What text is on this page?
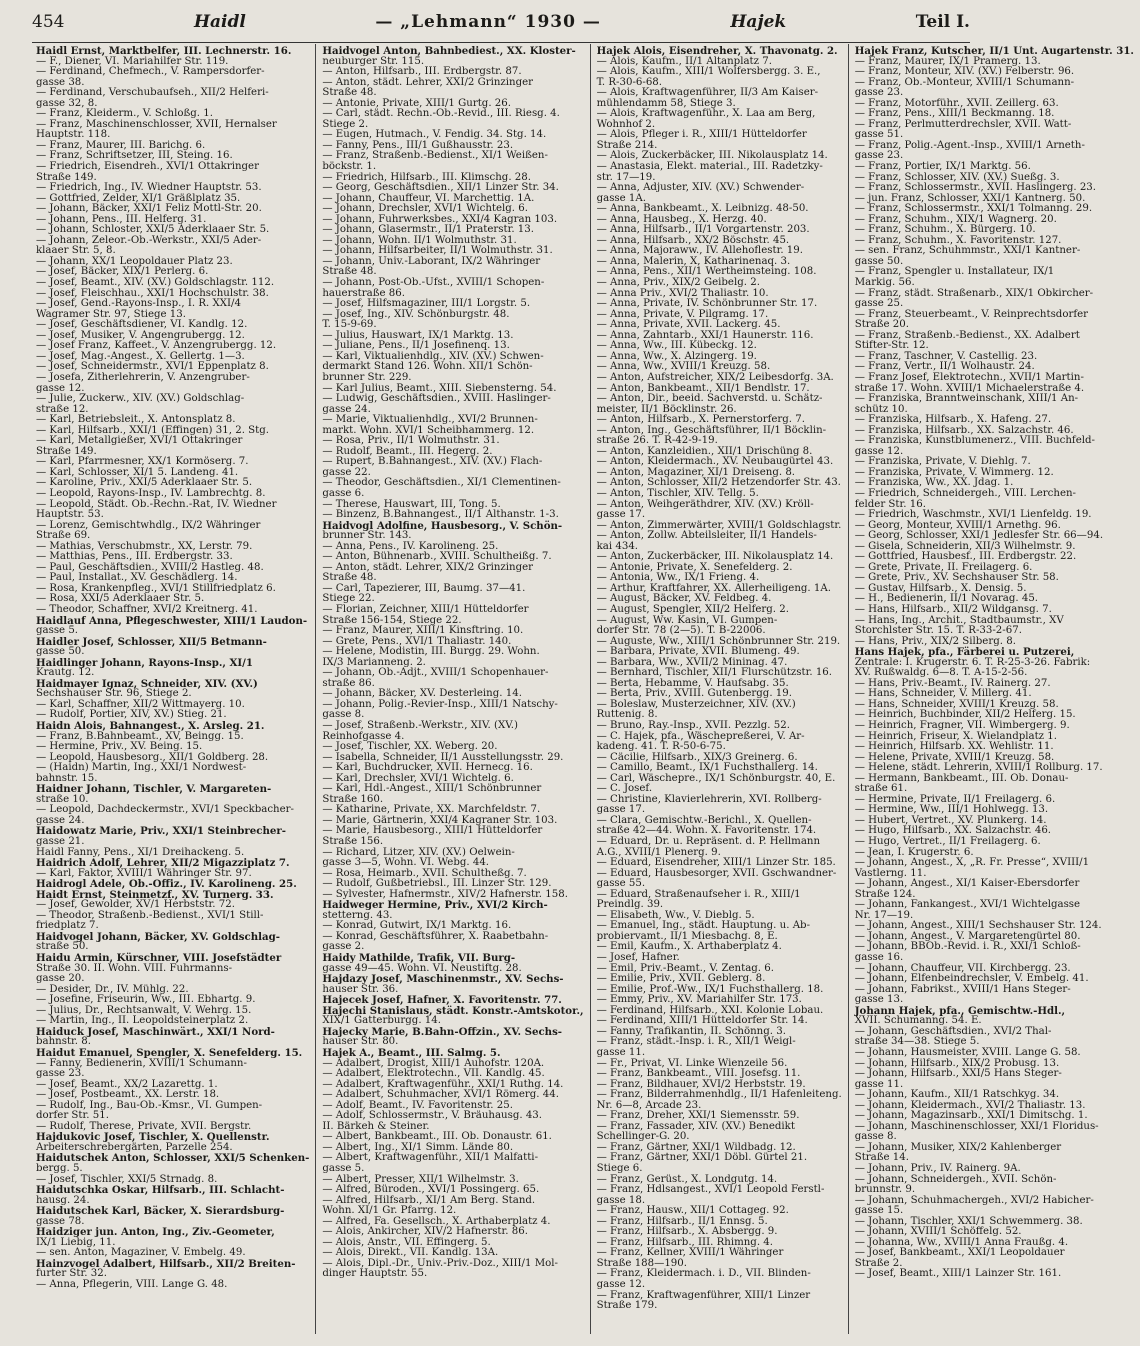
454	Haidl	— „Lehmann“ 1930 —	Hajek	Teil I.
Haidl Ernst, Marktbelfer, III. Lechnerstr. 16.
— F., Diener, VI. Mariahilfer Str. 119.
— Ferdinand, Chefmech., V. Rampersdorfer-
gasse 38.
— Ferdinand, Verschubaufseh., XII/2 Helferi-
gasse 32, 8.
— Franz, Kleiderm., V. Schloßg. 1.
— Franz, Maschinenschlosser, XVII, Hernalser
Hauptstr. 118.
— Franz, Maurer, III. Barichg. 6.
— Franz, Schriftsetzer, III, Steing. 16.
— Friedrich, Eisendreh., XVI/1 Ottakringer
Straße 149.
— Friedrich, Ing., IV. Wiedner Hauptstr. 53.
— Gottfried, Zelder, XI/1 Gräßlplatz 35.
— Johann, Bäcker, XXI/1 Feliz Mottl-Str. 20.
— Johann, Pens., III. Helferg. 31.
— Johann, Schloster, XXI/5 Aderklaaer Str. 5.
— Johann, Zeleor.-Ob.-Werkstr., XXI/5 Ader-
klaaer Str. 5, 8.
— Johann, XX/1 Leopoldauer Platz 23.
— Josef, Bäcker, XIX/1 Perlerg. 6.
— Josef, Beamt., XIV. (XV.) Goldschlagstr. 112.
— Josef, Fleischhau., XXI/1 Hochschulstr. 38.
— Josef, Gend.-Rayons-Insp., I. R. XXI/4
Wagramer Str. 97, Stiege 13.
— Josef, Geschäftsdiener, VI. Kandlg. 12.
— Josef, Musiker, V. Angengrubergg. 12.
— Josef Franz, Kaffeet., V. Anzengrubergg. 12.
— Josef, Mag.-Angest., X. Gellertg. 1—3.
— Josef, Schneidermstr., XVI/1 Eppenplatz 8.
— Josefa, Zitherlehrerin, V. Anzengruber-
gasse 12.
— Julie, Zuckerw., XIV. (XV.) Goldschlag-
straße 12.
— Karl, Betriebsleit., X. Antonsplatz 8.
— Karl, Hilfsarb., XXI/1 (Effingen) 31, 2. Stg.
— Karl, Metallgießer, XVI/1 Ottakringer
Straße 149.
— Karl, Pfarrmesner, XX/1 Kormöserg. 7.
— Karl, Schlosser, XI/1 5. Landeng. 41.
— Karoline, Priv., XXI/5 Aderklaaer Str. 5.
— Leopold, Rayons-Insp., IV. Lambrechtg. 8.
— Leopold, Städt. Ob.-Rechn.-Rat, IV. Wiedner
Hauptstr. 53.
— Lorenz, Gemischtwhdlg., IX/2 Währinger
Straße 69.
— Mathias, Verschubmstr., XX, Lerstr. 79.
— Matthias, Pens., III. Erdbergstr. 33.
— Paul, Geschäftsdien., XVIII/2 Hastleg. 48.
— Paul, Installat., XV. Geschädlerg. 14.
— Rosa, Krankenpfleg., XVI/1 Stillfriedplatz 6.
— Rosa, XXI/5 Aderklaaer Str. 5.
— Theodor, Schaffner, XVI/2 Kreitnerg. 41.
Haidlauf Anna, Pflegeschwester, XIII/1 Laudon-
gasse 5.
Haidler Josef, Schlosser, XII/5 Betmann-
gasse 50.
Haidlinger Johann, Rayons-Insp., XI/1
Krautg. 12.
Haidmayer Ignaz, Schneider, XIV. (XV.)
Sechshauser Str. 96, Stiege 2.
— Karl, Schaffner, XII/2 Wittmayerg. 10.
— Rudolf, Portier, XIV, XV.) Stieg. 21.
Haidn Alois, Bahnangest., X. Arsleg. 21.
— Franz, B.Bahnbeamt., XV, Beingg. 15.
— Hermine, Priv., XV. Being. 15.
— Leopold, Hausbesorg., XII/1 Goldberg. 28.
— (Haidn) Martin, Ing., XXI/1 Nordwest-
bahnstr. 15.
Haidner Johann, Tischler, V. Margareten-
straße 10.
— Leopold, Dachdeckermstr., XVI/1 Speckbacher-
gasse 24.
Haidowatz Marie, Priv., XXI/1 Steinbrecher-
gasse 21.
Haidl Fanny, Pens., XI/1 Dreihackeng. 5.
Haidrich Adolf, Lehrer, XII/2 Migazziplatz 7.
— Karl, Faktor, XVIII/1 Währinger Str. 97.
Haidrogl Adele, Ob.-Offiz., IV. Karolineng. 25.
Haidt Ernst, Steinmetzf., XV. Turnerg. 33.
— Josef, Gewolder, XV/1 Herbststr. 72.
— Theodor, Straßenb.-Bedienst., XVI/1 Still-
friedplatz 7.
Haidvogel Johann, Bäcker, XV. Goldschlag-
straße 50.
Haidu Armin, Kürschner, VIII. Josefstädter
Straße 30. II. Wohn. VIII. Fuhrmanns-
gasse 20.
— Desider, Dr., IV. Mühlg. 22.
— Josefine, Friseurin, Ww., III. Ebhartg. 9.
— Julius, Dr., Rechtsanwalt, V. Wehrg. 15.
— Martin, Ing., II. Leopoldsteinerplatz 2.
Haiduck Josef, Maschinwärt., XXI/1 Nord-
bahnstr. 8.
Haidut Emanuel, Spengler, X. Senefelderg. 15.
— Fanny, Bedienerin, XVIII/1 Schumann-
gasse 23.
— Josef, Beamt., XX/2 Lazarettg. 1.
— Josef, Postbeamt., XX. Lerstr. 18.
— Rudolf, Ing., Bau-Ob.-Kmsr., VI. Gumpen-
dorfer Str. 51.
— Rudolf, Therese, Private, XVII. Bergstr.
Hajdukovic Josef, Tischler, X. Quellenstr.
Arbeiterschrebergärten, Parzelle 254.
Haidutschek Anton, Schlosser, XXI/5 Schenken-
bergg. 5.
— Josef, Tischler, XXI/5 Strnadg. 8.
Haidutschka Oskar, Hilfsarb., III. Schlacht-
hausg. 24.
Haidutschek Karl, Bäcker, X. Sierardsburg-
gasse 78.
Haidziger jun. Anton, Ing., Ziv.-Geometer,
IX/1 Liebig, 11.
— sen. Anton, Magaziner, V. Embelg. 49.
Hainzvogel Adalbert, Hilfsarb., XII/2 Breiten-
furter Str. 32.
— Anna, Pflegerin, VIII. Lange G. 48.
Haidvogel Anton, Bahnbediest., XX. Kloster-
neuburger Str. 115.
— Anton, Hilfsarb., III. Erdbergstr. 87.
— Anton, städt. Lehrer, XXI/2 Grinzinger
Straße 48.
— Antonie, Private, XIII/1 Gurtg. 26.
— Carl, städt. Rechn.-Ob.-Revid., III. Riesg. 4.
Stiege 2.
— Eugen, Hutmach., V. Fendig. 34. Stg. 14.
— Fanny, Pens., III/1 Gußhausstr. 23.
— Franz, Straßenb.-Bedienst., XI/1 Weißen-
böckstr. 1.
— Friedrich, Hilfsarb., III. Klimschg. 28.
— Georg, Geschäftsdien., XII/1 Linzer Str. 34.
— Johann, Chauffeur, VI. Marchettig. 1A.
— Johann, Drechsler, XVI/1 Wichtelg. 6.
— Johann, Fuhrwerksbes., XXI/4 Kagran 103.
— Johann, Glasermstr., II/1 Praterstr. 13.
— Johann, Wohn. II/1 Wolmuthstr. 31.
— Johann, Hilfsarbeiter, II/1 Wolmuthstr. 31.
— Johann, Univ.-Laborant, IX/2 Währinger
Straße 48.
— Johann, Post-Ob.-Ufst., XVIII/1 Schopen-
hauerstraße 86.
— Josef, Hilfsmagaziner, III/1 Lorgstr. 5.
— Josef, Ing., XIV. Schönburgstr. 48.
T. 15-9-69.
— Julius, Hauswart, IX/1 Marktg. 13.
— Juliane, Pens., II/1 Josefinenq. 13.
— Karl, Viktualienhdlg., XIV. (XV.) Schwen-
dermarkt Stand 126. Wohn. XII/1 Schön-
brunner Str. 229.
— Karl Julius, Beamt., XIII. Siebensterng. 54.
— Ludwig, Geschäftsdien., XVIII. Haslinger-
gasse 24.
— Marie, Viktualienhdlg., XVI/2 Brunnen-
markt. Wohn. XVI/1 Scheibhammerg. 12.
— Rosa, Priv., II/1 Wolmuthstr. 31.
— Rudolf, Beamt., III. Hegerg. 2.
— Rupert, B.Bahnangest., XIV. (XV.) Flach-
gasse 22.
— Theodor, Geschäftsdien., XI/1 Clementinen-
gasse 6.
— Therese, Hauswart, III, Tong. 5.
— Binzenz, B.Bahnangest., II/1 Althanstr. 1-3.
Haidvogl Adolfine, Hausbesorg., V. Schön-
brunner Str. 143.
— Anna, Pens., IV. Karolineng. 25.
— Anton, Bühnenarb., XVIII. Schultheißg. 7.
— Anton, städt. Lehrer, XIX/2 Grinzinger
Straße 48.
— Carl, Tapezierer, III, Baumg. 37—41.
Stiege 22.
— Florian, Zeichner, XIII/1 Hütteldorfer
Straße 156-154, Stiege 22.
— Franz, Maurer, XIII/1 Kinsftring. 10.
— Grete, Pens., XVI/1 Thaliastr. 140.
— Helene, Modistin, III. Burgg. 29. Wohn.
IX/3 Marianneng. 2.
— Johann, Ob.-Adjt., XVIII/1 Schopenhauer-
straße 86.
— Johann, Bäcker, XV. Desterleing. 14.
— Johann, Polig.-Revier-Insp., XIII/1 Natschy-
gasse 8.
— Josef, Straßenb.-Werkstr., XIV. (XV.)
Reinhofgasse 4.
— Josef, Tischler, XX. Weberg. 20.
— Isabella, Schneider, II/1 Ausstellungsstr. 29.
— Karl, Buchdrucker, XVII. Hernecg. 16.
— Karl, Drechsler, XVI/1 Wichtelg. 6.
— Karl, Hdl.-Angest., XIII/1 Schönbrunner
Straße 160.
— Katharine, Private, XX. Marchfeldstr. 7.
— Marie, Gärtnerin, XXI/4 Kagraner Str. 103.
— Marie, Hausbesorg., XIII/1 Hütteldorfer
Straße 156.
— Richard, Litzer, XIV. (XV.) Oelwein-
gasse 3—5, Wohn. VI. Webg. 44.
— Rosa, Heimarb., XVII. Schultheßg. 7.
— Rudolf, Gußbetriebsl., III. Linzer Str. 129.
— Sylvester, Hafnermstr., XIV/2 Hafnerstr. 158.
Haidweger Hermine, Priv., XVI/2 Kirch-
stetterng. 43.
— Konrad, Gutwirt, IX/1 Marktg. 16.
— Konrad, Geschäftsführer, X. Raabetbahn-
gasse 2.
Haidy Mathilde, Trafik, VII. Burg-
gasse 49—45. Wohn. VI. Neustiftg. 28.
Hajdazy Josef, Maschinenmstr., XV. Sechs-
hauser Str. 36.
Hajecek Josef, Hafner, X. Favoritenstr. 77.
Hajechi Stanislaus, städt. Konstr.-Amtskotor.,
XIX/1 Gatterburgg. 14.
Hajecky Marie, B.Bahn-Offzin., XV. Sechs-
hauser Str. 80.
Hajek A., Beamt., III. Salmg. 5.
— Adalbert, Drogist, XIII/1 Auhofstr. 120A.
— Adalbert, Elektrotechn., VII. Kandlg. 45.
— Adalbert, Kraftwagenführ., XXI/1 Ruthg. 14.
— Adalbert, Schuhmacher, XVI/1 Römerg. 44.
— Adolf, Beamt., IV. Favoritenstr. 25.
— Adolf, Schlossermstr., V. Bräuhausg. 43.
II. Bärkeh & Steiner.
— Albert, Bankbeamt., III. Ob. Donaustr. 61.
— Albert, Ing., XI/1 Simm. Lände 80.
— Albert, Kraftwagenführ., XII/1 Malfatti-
gasse 5.
— Albert, Presser, XII/1 Wilhelmstr. 3.
— Alfred, Büroden., XVI/1 Possingerg. 65.
— Alfred, Hilfsarb., XI/1 Am Berg. Stand.
Wohn. XI/1 Gr. Pfarrg. 12.
— Alfred, Fa. Gesellsch., X. Arthaberplatz 4.
— Alois, Ankircher, XIV/2 Hafnerstr. 86.
— Alois, Anstr., VII. Effingerg. 5.
— Alois, Direkt., VII. Kandlg. 13A.
— Alois, Dipl.-Dr., Univ.-Priv.-Doz., XIII/1 Mol-
dinger Hauptstr. 55.
Hajek Alois, Eisendreher, X. Thavonatg. 2.
— Alois, Kaufm., II/1 Altanplatz 7.
— Alois, Kaufm., XIII/1 Wolfersbergg. 3. E.,
T. R-30-6-68.
— Alois, Kraftwagenführer, II/3 Am Kaiser-
mühlendamm 58, Stiege 3.
— Alois, Kraftwagenführ., X. Laa am Berg,
Wohnhof 2.
— Alois, Pfleger i. R., XIII/1 Hütteldorfer
Straße 214.
— Alois, Zuckerbäcker, III. Nikolausplatz 14.
— Anastasia, Elekt. material., III. Radetzky-
str. 17—19.
— Anna, Adjuster, XIV. (XV.) Schwender-
gasse 1A.
— Anna, Bankbeamt., X. Leibnizg. 48-50.
— Anna, Hausbeg., X. Herzg. 40.
— Anna, Hilfsarb., II/1 Vorgartenstr. 203.
— Anna, Hilfsarb., XX/2 Böschstr. 45.
— Anna, Majoraww., IV. Allehoflestr. 19.
— Anna, Malerin, X, Katharinenaq. 3.
— Anna, Pens., XII/1 Wertheimsteing. 108.
— Anna, Priv., XIX/2 Geibelg. 2.
— Anna Priv., XVI/2 Thaliastr. 10.
— Anna, Private, IV. Schönbrunner Str. 17.
— Anna, Private, V. Pilgramg. 17.
— Anna, Private, XVII. Lackerg. 45.
— Anna, Zahntarb., XXI/1 Haunerstr. 116.
— Anna, Ww., III. Kübeckg. 12.
— Anna, Ww., X. Alzingerg. 19.
— Anna, Ww., XVIII/1 Kreuzg. 58.
— Anton, Aufstreicher, XIX/2 Leibesdorfg. 3A.
— Anton, Bankbeamt., XII/1 Bendlstr. 17.
— Anton, Dir., beeid. Sachverstd. u. Schätz-
meister, II/1 Böcklinstr. 26.
— Anton, Hilfsarb., X. Pernerstorferg. 7.
— Anton, Ing., Geschäftsführer, II/1 Böcklin-
straße 26. T. R-42-9-19.
— Anton, Kanzleidien., XII/1 Drischüng 8.
— Anton, Kleidermach., XV. Neubaugürtel 43.
— Anton, Magaziner, XI/1 Dreiseng. 8.
— Anton, Schlosser, XII/2 Hetzendorfer Str. 43.
— Anton, Tischler, XIV. Tellg. 5.
— Anton, Weihgeräthdrer, XIV. (XV.) Kröll-
gasse 17.
— Anton, Zimmerwärter, XVIII/1 Goldschlagstr.
— Anton, Zollw. Abteilsleiter, II/1 Handels-
kai 434.
— Anton, Zuckerbäcker, III. Nikolausplatz 14.
— Antonie, Private, X. Senefelderg. 2.
— Antonia, Ww., IX/1 Frieng. 4.
— Arthur, Kraftfahrer, XX. Allerheiligeng. 1A.
— August, Bäcker, XV. Feldbeg. 4.
— August, Spengler, XII/2 Helferg. 2.
— August, Ww. Kasin, VI. Gumpen-
dorfer Str. 78 (2—5). T. B-22006.
— Auguste, Ww., XIII/1 Schönbrunner Str. 219.
— Barbara, Private, XVII. Blumeng. 49.
— Barbara, Ww., XVII/2 Mininag. 47.
— Bernhard, Tischler, XII/1 Flurschützstr. 16.
— Berta, Hebamme, V. Haufsabg. 35.
— Berta, Priv., XVIII. Gutenbergg. 19.
— Boleslaw, Musterzeichner, XIV. (XV.)
Ruttenig. 8.
— Bruno, Ray.-Insp., XVII. Pezzlg. 52.
— C. Hajek, pfa., Wäschepreßerei, V. Ar-
kadeng. 41. T. R-50-6-75.
— Cäcilie, Hilfsarb., XIX/3 Greinerg. 6.
— Camillo, Beamt., IX/1 Fuchsthallerg. 14.
— Carl, Wäschepre., IX/1 Schönburgstr. 40, E.
— C. Josef.
— Christine, Klavierlehrerin, XVI. Rollberg-
gasse 17.
— Clara, Gemischtw.-Berichl., X. Quellen-
straße 42—44. Wohn. X. Favoritenstr. 174.
— Eduard, Dr. u. Repräsent. d. P. Hellmann
A.G., XVIII/1 Plenerg. 9.
— Eduard, Eisendreher, XIII/1 Linzer Str. 185.
— Eduard, Hausbesorger, XVII. Gschwandner-
gasse 55.
— Eduard, Straßenaufseher i. R., XIII/1
Preindlg. 39.
— Elisabeth, Ww., V. Dieblg. 5.
— Emanuel, Ing., städt. Hauptung. u. Ab-
probiervamt., II/1 Miesbachg. 8, E.
— Emil, Kaufm., X. Arthaberplatz 4.
— Josef, Hafner.
— Emil, Priv.-Beamt., V. Zentag. 6.
— Emilie, Priv., XVII. Geblerg. 8.
— Emilie, Prof.-Ww., IX/1 Fuchsthallerg. 18.
— Emmy, Priv., XV. Mariahilfer Str. 173.
— Ferdinand, Hilfsarb., XXI. Kolonie Lobau.
— Ferdinand, XIII/1 Hütteldorfer Str. 14.
— Fanny, Trafikantin, II. Schönng. 3.
— Franz, städt.-Insp. i. R., XII/1 Weigl-
gasse 11.
— Fr., Privat, VI. Linke Wienzeile 56.
— Franz, Bankbeamt., VIII. Josefsg. 11.
— Franz, Bildhauer, XVI/2 Herbststr. 19.
— Franz, Bilderrahmenhdlg., II/1 Hafenleiteng.
Nr. 6—8, Arcade 23.
— Franz, Dreher, XXI/1 Siemensstr. 59.
— Franz, Fassader, XIV. (XV.) Benedikt
Schellinger-G. 20.
— Franz, Gärtner, XXI/1 Wildbadg. 12.
— Franz, Gärtner, XXI/1 Döbl. Gürtel 21.
Stiege 6.
— Franz, Gerüst., X. Londgutg. 14.
— Franz, Hdlsangest., XVI/1 Leopold Ferstl-
gasse 18.
— Franz, Hausw., XII/1 Cottageg. 92.
— Franz, Hilfsarb., II/1 Ennsg. 5.
— Franz, Hilfsarb., X. Absbergg. 9.
— Franz, Hilfsarb., III. Rhimng. 4.
— Franz, Kellner, XVIII/1 Währinger
Straße 188—190.
— Franz, Kleidermach. i. D., VII. Blinden-
gasse 12.
— Franz, Kraftwagenführer, XIII/1 Linzer
Straße 179.
Hajek Franz, Kutscher, II/1 Unt. Augartenstr. 31.
— Franz, Maurer, IX/1 Pramerg. 13.
— Franz, Monteur, XIV. (XV.) Felberstr. 96.
— Franz, Ob.-Monteur, XVIII/1 Schumann-
gasse 23.
— Franz, Motorführ., XVII. Zeillerg. 63.
— Franz, Pens., XIII/1 Beckmanng. 18.
— Franz, Perlmutterdrechsler, XVII. Watt-
gasse 51.
— Franz, Polig.-Agent.-Insp., XVIII/1 Arneth-
gasse 23.
— Franz, Portier, IX/1 Marktg. 56.
— Franz, Schlosser, XIV. (XV.) Sueßg. 3.
— Franz, Schlossermstr., XVII. Haslingerg. 23.
— jun. Franz, Schlosser, XXI/1 Kantnerg. 50.
— Franz, Schlossermstr., XXI/1 Tolmanng. 29.
— Franz, Schuhm., XIX/1 Wagnerg. 20.
— Franz, Schuhm., X. Bürgerg. 10.
— Franz, Schuhm., X. Favoritenstr. 127.
— sen. Franz, Schuhmmstr., XXI/1 Kantner-
gasse 50.
— Franz, Spengler u. Installateur, IX/1
Markig. 56.
— Franz, städt. Straßenarb., XIX/1 Obkircher-
gasse 25.
— Franz, Steuerbeamt., V. Reinprechtsdorfer
Straße 20.
— Franz, Straßenb.-Bedienst., XX. Adalbert
Stifter-Str. 12.
— Franz, Taschner, V. Castellig. 23.
— Franz, Vertr., II/1 Wolhaustr. 24.
— Franz Josef, Elektrotechn., XVII/1 Martin-
straße 17. Wohn. XVIII/1 Michaelerstraße 4.
— Franziska, Branntweinschank, XIII/1 An-
schütz 10.
— Franziska, Hilfsarb., X. Hafeng. 27.
— Franziska, Hilfsarb., XX. Salzachstr. 46.
— Franziska, Kunstblumenerz., VIII. Buchfeld-
gasse 12.
— Franziska, Private, V. Diehlg. 7.
— Franziska, Private, V. Wimmerg. 12.
— Franziska, Ww., XX. Jdag. 1.
— Friedrich, Schneidergeh., VIII. Lerchen-
felder Str. 16.
— Friedrich, Waschmstr., XVI/1 Lienfeldg. 19.
— Georg, Monteur, XVIII/1 Arnethg. 96.
— Georg, Schlosser, XXI/1 Jedlesfer Str. 66—94.
— Gisela, Schneiderin, XII/3 Wilhelmstr. 9.
— Gottfried, Hausbesf., III. Erdbergstr. 22.
— Grete, Private, II. Freilagerg. 6.
— Grete, Priv., XV. Sechshauser Str. 58.
— Gustav, Hilfsarb., X. Densig. 5.
— H., Bedienerin, II/1 Novarag. 45.
— Hans, Hilfsarb., XII/2 Wildgansg. 7.
— Hans, Ing., Archit., Stadtbaumstr., XV
Storchlster Str. 15. T. R-33-2-67.
— Hans, Priv., XIX/2 Silberg. 8.
Hans Hajek, pfa., Färberei u. Putzerei,
Zentrale: I. Krugerstr. 6. T. R-25-3-26. Fabrik:
XV. Rußwaldg. 6—8. T. A-15-2-56.
— Hans, Priv.-Beamt., IV. Rainerg. 27.
— Hans, Schneider, V. Millerg. 41.
— Hans, Schneider, XVIII/1 Kreuzg. 58.
— Heinrich, Buchbinder, XII/2 Helferg. 15.
— Heinrich, Fragner, VII. Wimbergerg. 9.
— Heinrich, Friseur, X. Wielandplatz 1.
— Heinrich, Hilfsarb. XX. Wehlistr. 11.
— Helene, Private, XVIII/1 Kreuzg. 58.
— Helene, städt. Lehrerin, XVIII/1 Rollburg. 17.
— Hermann, Bankbeamt., III. Ob. Donau-
straße 61.
— Hermine, Private, II/1 Freilagerg. 6.
— Hermine, Ww., III/1 Hohlwegg. 13.
— Hubert, Vertret., XV. Plunkerg. 14.
— Hugo, Hilfsarb., XX. Salzachstr. 46.
— Hugo, Vertret., II/1 Freilagerg. 6.
— Jean, I. Krugerstr. 6.
— Johann, Angest., X, „R. Fr. Presse“, XVIII/1
Vastlerng. 11.
— Johann, Angest., XI/1 Kaiser-Ebersdorfer
Straße 124.
— Johann, Fankangest., XVI/1 Wichtelgasse
Nr. 17—19.
— Johann, Angest., XIII/1 Sechshauser Str. 124.
— Johann, Angest., V. Margaretengürtel 80.
— Johann, BBOb.-Revid. i. R., XXI/1 Schloß-
gasse 16.
— Johann, Chauffeur, VII. Kirchbergg. 23.
— Johann, Elfenbeindrechsler, V. Embelg. 41.
— Johann, Fabrikst., XVIII/1 Hans Steger-
gasse 13.
Johann Hajek, pfa., Gemischtw.-Hdl.,
XVII. Schumanng. 54. E.
— Johann, Geschäftsdien., XVI/2 Thal-
straße 34—38. Stiege 5.
— Johann, Hausmeister, XVIII. Lange G. 58.
— Johann, Hilfsarb., XIX/2 Probusg. 13.
— Johann, Hilfsarb., XXI/5 Hans Steger-
gasse 11.
— Johann, Kaufm., XII/1 Ratschkyg. 34.
— Johann, Kleidermach., XVI/2 Thaliastr. 13.
— Johann, Magazinsarb., XXI/1 Dimitschg. 1.
— Johann, Maschinenschlosser, XXI/1 Floridus-
gasse 8.
— Johann, Musiker, XIX/2 Kahlenberger
Straße 14.
— Johann, Priv., IV. Rainerg. 9A.
— Johann, Schneidergeh., XVII. Schön-
brunnstr. 9.
— Johann, Schuhmachergeh., XVI/2 Habicher-
gasse 15.
— Johann, Tischler, XXI/1 Schwemmerg. 38.
— Johann, XVIII/1 Schöffelg. 52.
— Johanna, Ww., XVIII/1 Anna Fraußg. 4.
— Josef, Bankbeamt., XXI/1 Leopoldauer
Straße 2.
— Josef, Beamt., XIII/1 Lainzer Str. 161.
